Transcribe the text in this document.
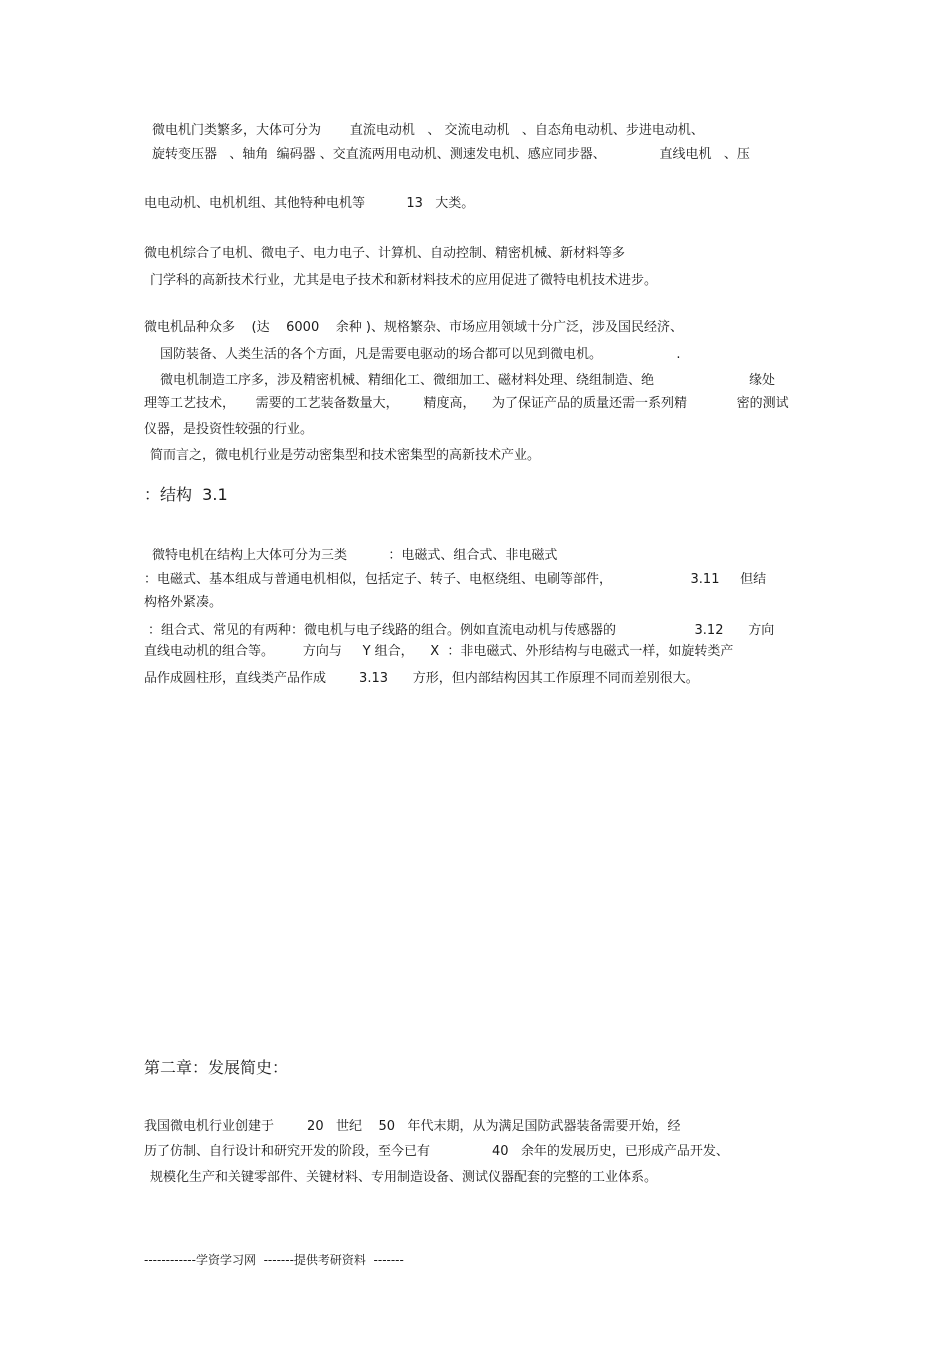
微电机门类繁多，大体可分为       直流电动机   、 交流电动机   、自态角电动机、步进电动机、
旋转变压器   、轴角  编码器 、交直流两用电动机、测速发电机、感应同步器、             直线电机   、压
电电动机、电机机组、其他特种电机等          13   大类。
微电机综合了电机、微电子、电力电子、计算机、自动控制、精密机械、新材料等多
门学科的高新技术行业，尤其是电子技术和新材料技术的应用促进了微特电机技术进步。
微电机品种众多    (达    6000    余种 )、规格繁杂、市场应用领域十分广泛，涉及国民经济、
国防装备、人类生活的各个方面，凡是需要电驱动的场合都可以见到微电机。                  .
微电机制造工序多，涉及精密机械、精细化工、微细加工、磁材料处理、绕组制造、绝                       缘处
理等工艺技术，     需要的工艺装备数量大，      精度高，    为了保证产品的质量还需一系列精            密的测试
仪器，是投资性较强的行业。
简而言之，微电机行业是劳动密集型和技术密集型的高新技术产业。
：结构  3.1
微特电机在结构上大体可分为三类          ：电磁式、组合式、非电磁式
：电磁式、基本组成与普通电机相似，包括定子、转子、电枢绕组、电刷等部件，                   3.11     但结
构格外紧凑。
：组合式、常见的有两种：微电机与电子线路的组合。例如直流电动机与传感器的                   3.12      方向
直线电动机的组合等。       方向与     Y 组合，    X  ：非电磁式、外形结构与电磁式一样，如旋转类产
品作成圆柱形，直线类产品作成        3.13      方形，但内部结构因其工作原理不同而差别很大。
第二章：发展简史：
我国微电机行业创建于        20   世纪    50   年代末期，从为满足国防武器装备需要开始，经
历了仿制、自行设计和研究开发的阶段，至今已有               40   余年的发展历史，已形成产品开发、
规模化生产和关键零部件、关键材料、专用制造设备、测试仪器配套的完整的工业体系。
------------学资学习网  -------提供考研资料  -------
